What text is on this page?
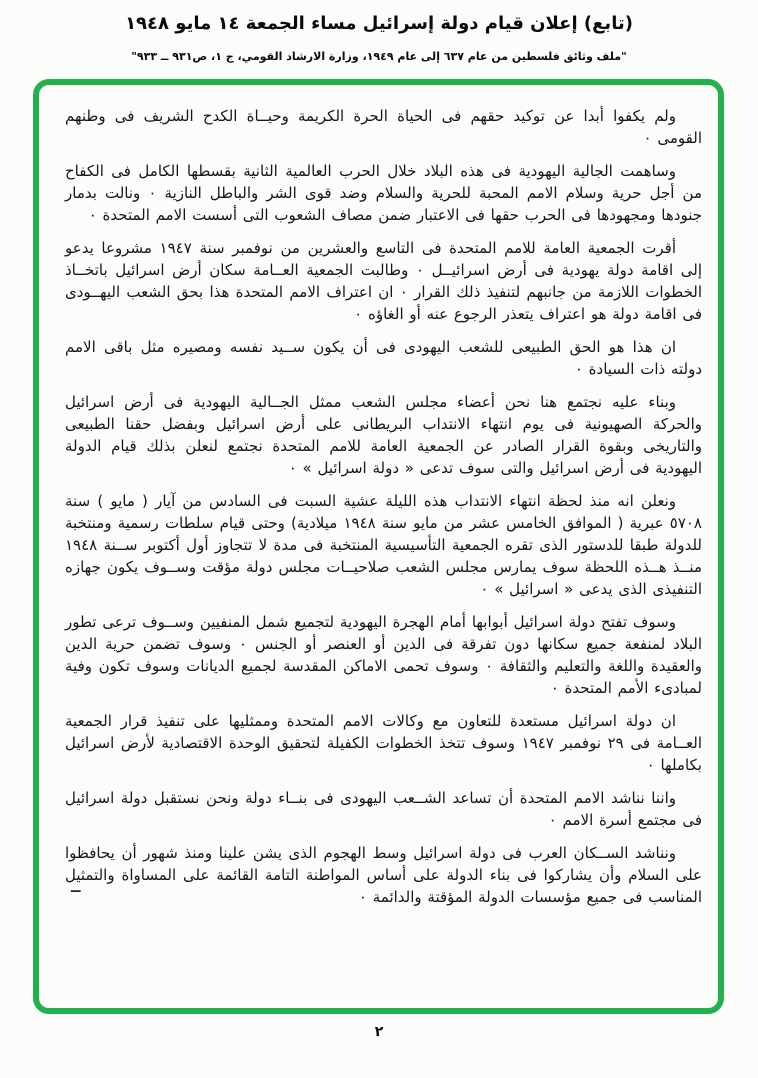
(تابع) إعلان قيام دولة إسرائيل مساء الجمعة ١٤ مايو ١٩٤٨
"ملف وثائق فلسطين من عام ٦٣٧ إلى عام ١٩٤٩، وزارة الارشاد القومي، ج ١، ص٩٣١ ــ ٩٣٣"

ولم يكفوا أبدا عن توكيد حقهم فى الحياة الحرة الكريمة وحيــاة الكدح الشريف فى وطنهم القومى ٠

وساهمت الجالية اليهودية فى هذه البلاد خلال الحرب العالمية الثانية بقسطها الكامل فى الكفاح من أجل حرية وسلام الامم المحبة للحرية والسلام وضد قوى الشر والباطل النازية ٠ ونالت بدمار جنودها ومجهودها فى الحرب حقها فى الاعتبار ضمن مصاف الشعوب التى أسست الامم المتحدة ٠

أقرت الجمعية العامة للامم المتحدة فى التاسع والعشرين من نوفمبر سنة ١٩٤٧ مشروعا يدعو إلى اقامة دولة يهودية فى أرض اسرائيــل ٠ وطالبت الجمعية العــامة سكان أرض اسرائيل باتخــاذ الخطوات اللازمة من جانبهم لتنفيذ ذلك القرار ٠ ان اعتراف الامم المتحدة هذا بحق الشعب اليهــودى فى اقامة دولة هو اعتراف يتعذر الرجوع عنه أو الغاؤه ٠

ان هذا هو الحق الطبيعى للشعب اليهودى فى أن يكون ســيد نفسه ومصيره مثل باقى الامم دولته ذات السيادة ٠

وبناء عليه نجتمع هنا نحن أعضاء مجلس الشعب ممثل الجــالية اليهودية فى أرض اسرائيل والحركة الصهيونية فى يوم انتهاء الانتداب البريطانى على أرض اسرائيل وبفضل حقنا الطبيعى والتاريخى وبقوة القرار الصادر عن الجمعية العامة للامم المتحدة نجتمع لنعلن بذلك قيام الدولة اليهودية فى أرض اسرائيل والتى سوف تدعى « دولة اسرائيل » ٠

ونعلن انه منذ لحظة انتهاء الانتداب هذه الليلة عشية السبت فى السادس من آيار ( مايو ) سنة ٥٧٠٨ عبرية ( الموافق الخامس عشر من مايو سنة ١٩٤٨ ميلادية) وحتى قيام سلطات رسمية ومنتخبة للدولة طبقا للدستور الذى تقره الجمعية التأسيسية المنتخبة فى مدة لا تتجاوز أول أكتوبر ســنة ١٩٤٨ منــذ هــذه اللحظة سوف يمارس مجلس الشعب صلاحيــات مجلس دولة مؤقت وســوف يكون جهازه التنفيذى الذى يدعى « اسرائيل » ٠

وسوف تفتح دولة اسرائيل أبوابها أمام الهجرة اليهودية لتجميع شمل المنفيين وســوف ترعى تطور البلاد لمنفعة جميع سكانها دون تفرقة فى الدين أو العنصر أو الجنس ٠ وسوف تضمن حرية الدين والعقيدة واللغة والتعليم والثقافة ٠ وسوف تحمى الاماكن المقدسة لجميع الديانات وسوف تكون وفية لمبادىء الأمم المتحدة ٠

ان دولة اسرائيل مستعدة للتعاون مع وكالات الامم المتحدة وممثليها على تنفيذ قرار الجمعية العــامة فى ٢٩ نوفمبر ١٩٤٧ وسوف تتخذ الخطوات الكفيلة لتحقيق الوحدة الاقتصادية لأرض اسرائيل بكاملها ٠

واننا نناشد الامم المتحدة أن تساعد الشــعب اليهودى فى بنــاء دولة ونحن نستقبل دولة اسرائيل فى مجتمع أسرة الامم ٠

ونناشد الســكان العرب فى دولة اسرائيل وسط الهجوم الذى يشن علينا ومنذ شهور أن يحافظوا على السلام وأن يشاركوا فى بناء الدولة على أساس المواطنة التامة القائمة على المساواة والتمثيل المناسب فى جميع مؤسسات الدولة المؤقتة والدائمة ٠

ــ
٢
